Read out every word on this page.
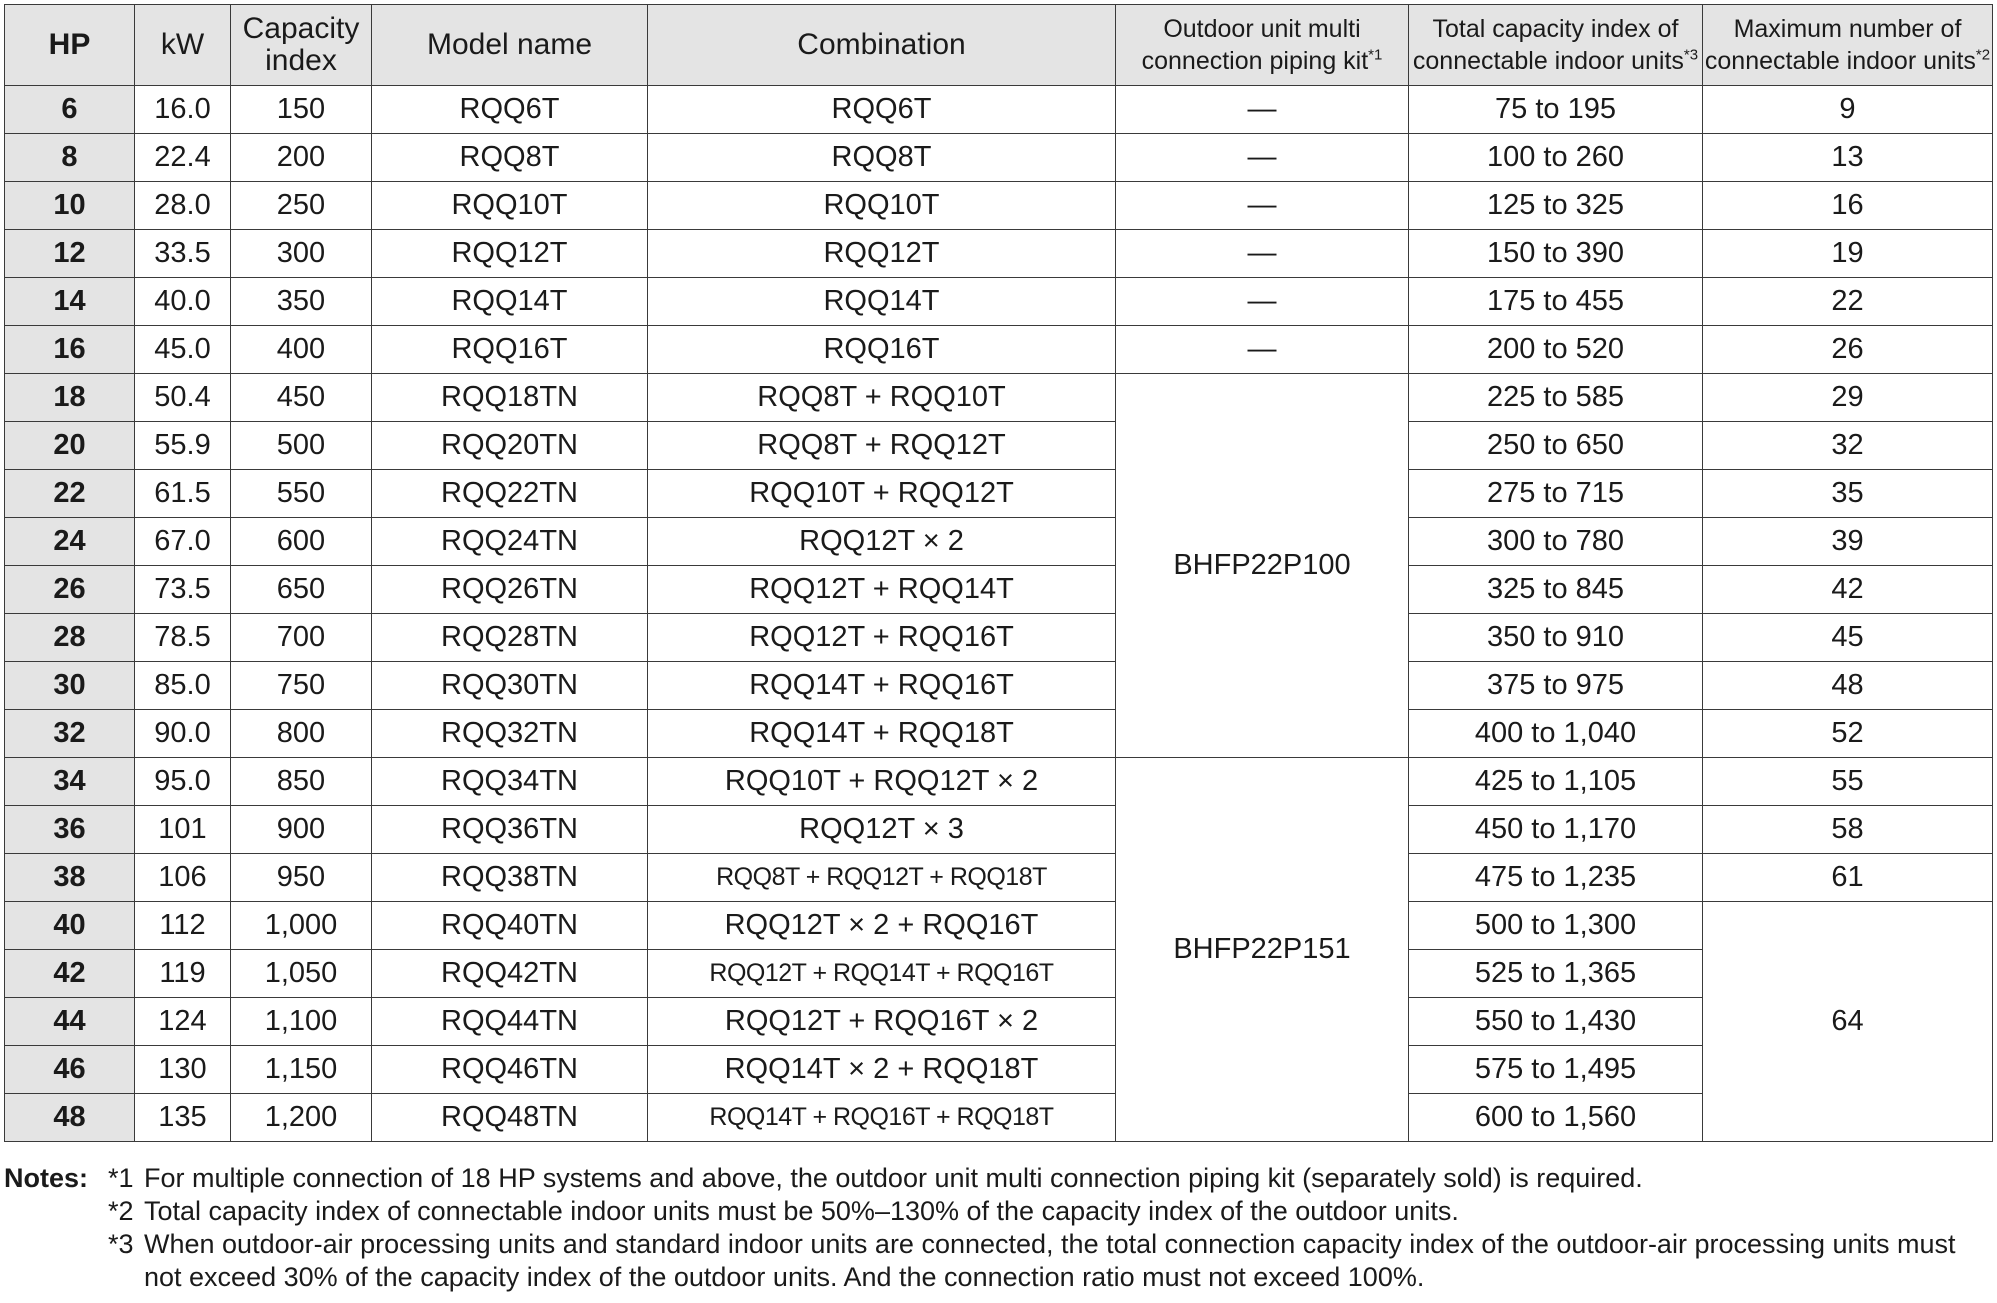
HP	kW	Capacity index	Model name	Combination	Outdoor unit multi connection piping kit$^{*1}$	Total capacity index of connectable indoor units$^{*3}$	Maximum number of connectable indoor units$^{*2}$
6	16.0	150	RQQ6T	RQQ6T	—	75 to 195	9
8	22.4	200	RQQ8T	RQQ8T	—	100 to 260	13
10	28.0	250	RQQ10T	RQQ10T	—	125 to 325	16
12	33.5	300	RQQ12T	RQQ12T	—	150 to 390	19
14	40.0	350	RQQ14T	RQQ14T	—	175 to 455	22
16	45.0	400	RQQ16T	RQQ16T	—	200 to 520	26
18	50.4	450	RQQ18TN	RQQ8T + RQQ10T	BHFP22P100	225 to 585	29
20	55.9	500	RQQ20TN	RQQ8T + RQQ12T		250 to 650	32
22	61.5	550	RQQ22TN	RQQ10T + RQQ12T		275 to 715	35
24	67.0	600	RQQ24TN	RQQ12T × 2		300 to 780	39
26	73.5	650	RQQ26TN	RQQ12T + RQQ14T		325 to 845	42
28	78.5	700	RQQ28TN	RQQ12T + RQQ16T		350 to 910	45
30	85.0	750	RQQ30TN	RQQ14T + RQQ16T		375 to 975	48
32	90.0	800	RQQ32TN	RQQ14T + RQQ18T		400 to 1,040	52
34	95.0	850	RQQ34TN	RQQ10T + RQQ12T × 2	BHFP22P151	425 to 1,105	55
36	101	900	RQQ36TN	RQQ12T × 3		450 to 1,170	58
38	106	950	RQQ38TN	RQQ8T + RQQ12T + RQQ18T		475 to 1,235	61
40	112	1,000	RQQ40TN	RQQ12T × 2 + RQQ16T		500 to 1,300	64
42	119	1,050	RQQ42TN	RQQ12T + RQQ14T + RQQ16T		525 to 1,365	
44	124	1,100	RQQ44TN	RQQ12T + RQQ16T × 2		550 to 1,430	
46	130	1,150	RQQ46TN	RQQ14T × 2 + RQQ18T		575 to 1,495	
48	135	1,200	RQQ48TN	RQQ14T + RQQ16T + RQQ18T		600 to 1,560	
Notes: *1 For multiple connection of 18 HP systems and above, the outdoor unit multi connection piping kit (separately sold) is required.
*2 Total capacity index of connectable indoor units must be 50%–130% of the capacity index of the outdoor units.
*3 When outdoor-air processing units and standard indoor units are connected, the total connection capacity index of the outdoor-air processing units must not exceed 30% of the capacity index of the outdoor units. And the connection ratio must not exceed 100%.
